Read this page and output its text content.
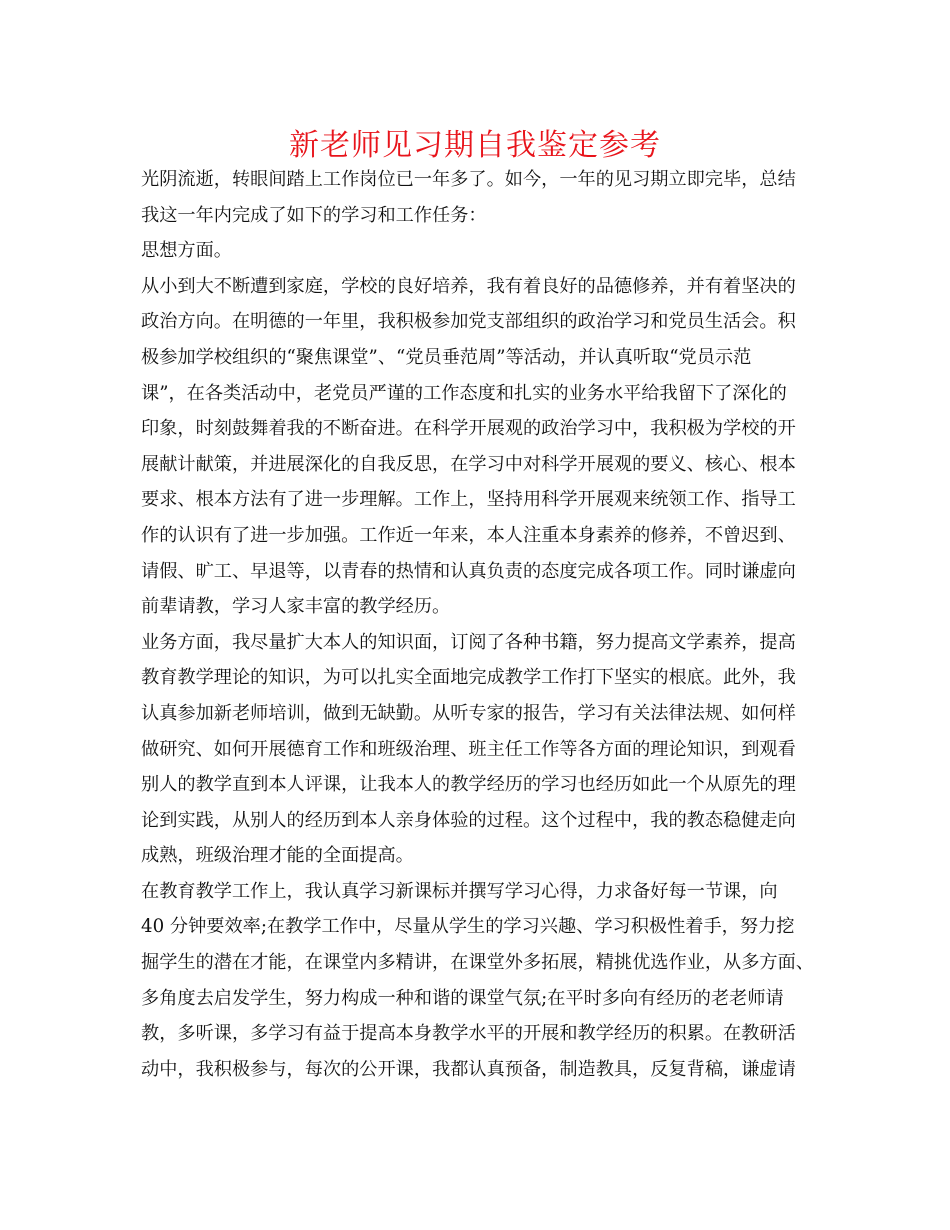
新老师见习期自我鉴定参考
光阴流逝，转眼间踏上工作岗位已一年多了。如今，一年的见习期立即完毕，总结
我这一年内完成了如下的学习和工作任务：
思想方面。
从小到大不断遭到家庭，学校的良好培养，我有着良好的品德修养，并有着坚决的
政治方向。在明德的一年里，我积极参加党支部组织的政治学习和党员生活会。积
极参加学校组织的“聚焦课堂”、“党员垂范周”等活动，并认真听取“党员示范
课”，在各类活动中，老党员严谨的工作态度和扎实的业务水平给我留下了深化的
印象，时刻鼓舞着我的不断奋进。在科学开展观的政治学习中，我积极为学校的开
展献计献策，并进展深化的自我反思，在学习中对科学开展观的要义、核心、根本
要求、根本方法有了进一步理解。工作上，坚持用科学开展观来统领工作、指导工
作的认识有了进一步加强。工作近一年来，本人注重本身素养的修养，不曾迟到、
请假、旷工、早退等，以青春的热情和认真负责的态度完成各项工作。同时谦虚向
前辈请教，学习人家丰富的教学经历。
业务方面，我尽量扩大本人的知识面，订阅了各种书籍，努力提高文学素养，提高
教育教学理论的知识，为可以扎实全面地完成教学工作打下坚实的根底。此外，我
认真参加新老师培训，做到无缺勤。从听专家的报告，学习有关法律法规、如何样
做研究、如何开展德育工作和班级治理、班主任工作等各方面的理论知识，到观看
别人的教学直到本人评课，让我本人的教学经历的学习也经历如此一个从原先的理
论到实践，从别人的经历到本人亲身体验的过程。这个过程中，我的教态稳健走向
成熟，班级治理才能的全面提高。
在教育教学工作上，我认真学习新课标并撰写学习心得，力求备好每一节课，向
40 分钟要效率;在教学工作中，尽量从学生的学习兴趣、学习积极性着手，努力挖
掘学生的潜在才能，在课堂内多精讲，在课堂外多拓展，精挑优选作业，从多方面、
多角度去启发学生，努力构成一种和谐的课堂气氛;在平时多向有经历的老老师请
教，多听课，多学习有益于提高本身教学水平的开展和教学经历的积累。在教研活
动中，我积极参与，每次的公开课，我都认真预备，制造教具，反复背稿，谦虚请
